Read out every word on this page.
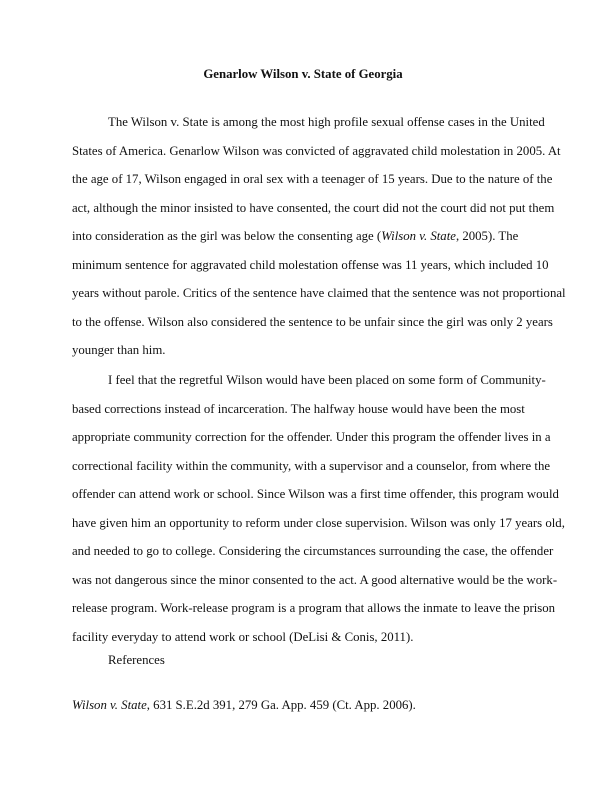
Genarlow Wilson v. State of Georgia

The Wilson v. State is among the most high profile sexual offense cases in the United
States of America. Genarlow Wilson was convicted of aggravated child molestation in 2005. At
the age of 17, Wilson engaged in oral sex with a teenager of 15 years. Due to the nature of the
act, although the minor insisted to have consented, the court did not the court did not put them
into consideration as the girl was below the consenting age (Wilson v. State, 2005). The
minimum sentence for aggravated child molestation offense was 11 years, which included 10
years without parole. Critics of the sentence have claimed that the sentence was not proportional
to the offense. Wilson also considered the sentence to be unfair since the girl was only 2 years
younger than him.

I feel that the regretful Wilson would have been placed on some form of Community-
based corrections instead of incarceration. The halfway house would have been the most
appropriate community correction for the offender. Under this program the offender lives in a
correctional facility within the community, with a supervisor and a counselor, from where the
offender can attend work or school. Since Wilson was a first time offender, this program would
have given him an opportunity to reform under close supervision. Wilson was only 17 years old,
and needed to go to college. Considering the circumstances surrounding the case, the offender
was not dangerous since the minor consented to the act. A good alternative would be the work-
release program. Work-release program is a program that allows the inmate to leave the prison
facility everyday to attend work or school (DeLisi & Conis, 2011).

References

Wilson v. State, 631 S.E.2d 391, 279 Ga. App. 459 (Ct. App. 2006).
